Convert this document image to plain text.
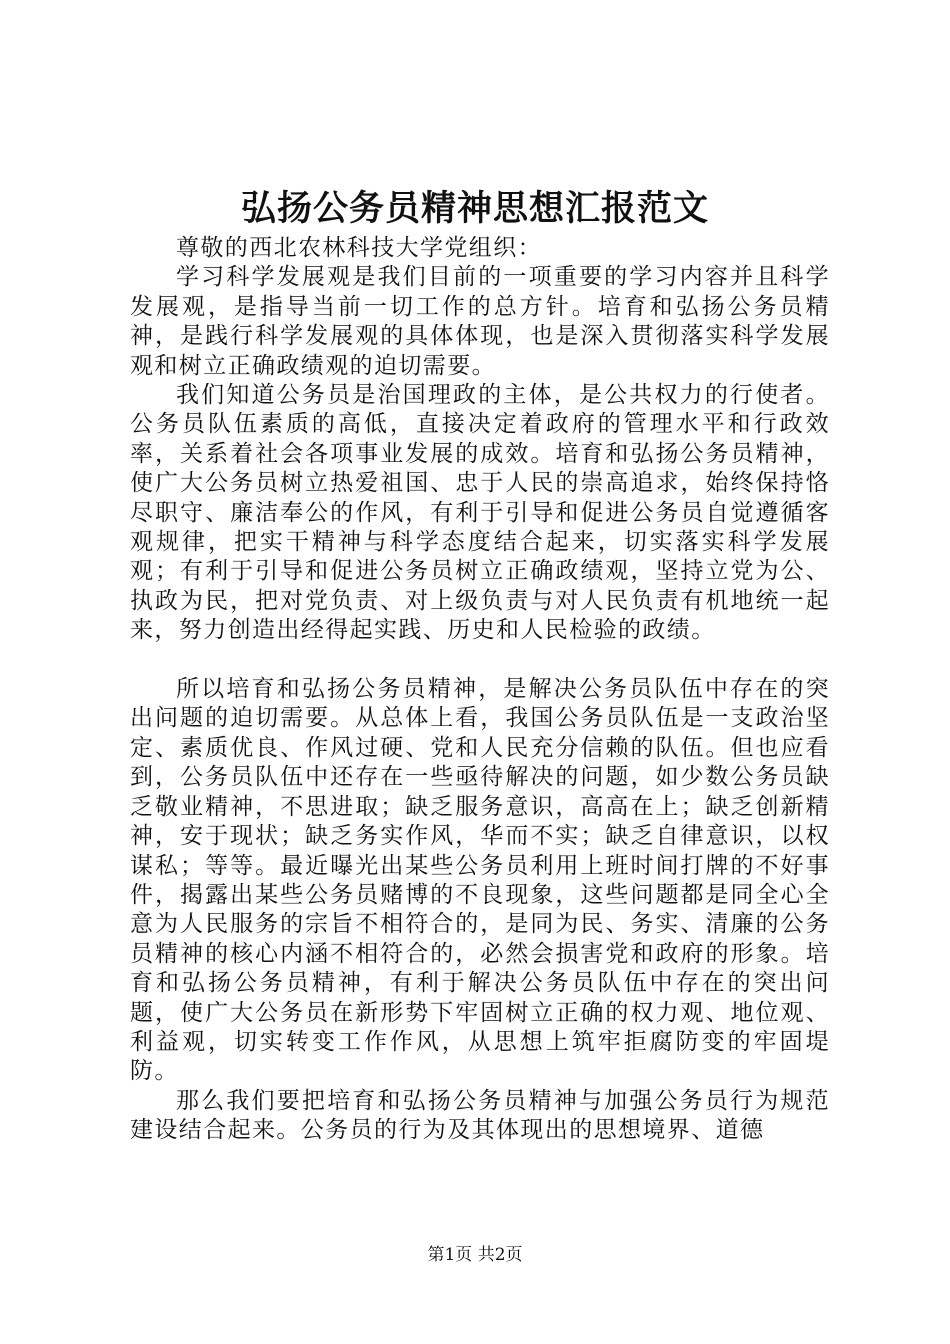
弘扬公务员精神思想汇报范文

尊敬的西北农林科技大学党组织：

学习科学发展观是我们目前的一项重要的学习内容并且科学发展观，是指导当前一切工作的总方针。培育和弘扬公务员精神，是践行科学发展观的具体体现，也是深入贯彻落实科学发展观和树立正确政绩观的迫切需要。

我们知道公务员是治国理政的主体，是公共权力的行使者。公务员队伍素质的高低，直接决定着政府的管理水平和行政效率，关系着社会各项事业发展的成效。培育和弘扬公务员精神，使广大公务员树立热爱祖国、忠于人民的崇高追求，始终保持恪尽职守、廉洁奉公的作风，有利于引导和促进公务员自觉遵循客观规律，把实干精神与科学态度结合起来，切实落实科学发展观；有利于引导和促进公务员树立正确政绩观，坚持立党为公、执政为民，把对党负责、对上级负责与对人民负责有机地统一起来，努力创造出经得起实践、历史和人民检验的政绩。

所以培育和弘扬公务员精神，是解决公务员队伍中存在的突出问题的迫切需要。从总体上看，我国公务员队伍是一支政治坚定、素质优良、作风过硬、党和人民充分信赖的队伍。但也应看到，公务员队伍中还存在一些亟待解决的问题，如少数公务员缺乏敬业精神，不思进取；缺乏服务意识，高高在上；缺乏创新精神，安于现状；缺乏务实作风，华而不实；缺乏自律意识，以权谋私；等等。最近曝光出某些公务员利用上班时间打牌的不好事件，揭露出某些公务员赌博的不良现象，这些问题都是同全心全意为人民服务的宗旨不相符合的，是同为民、务实、清廉的公务员精神的核心内涵不相符合的，必然会损害党和政府的形象。培育和弘扬公务员精神，有利于解决公务员队伍中存在的突出问题，使广大公务员在新形势下牢固树立正确的权力观、地位观、利益观，切实转变工作作风，从思想上筑牢拒腐防变的牢固堤防。

那么我们要把培育和弘扬公务员精神与加强公务员行为规范建设结合起来。公务员的行为及其体现出的思想境界、道德

第1页 共2页
